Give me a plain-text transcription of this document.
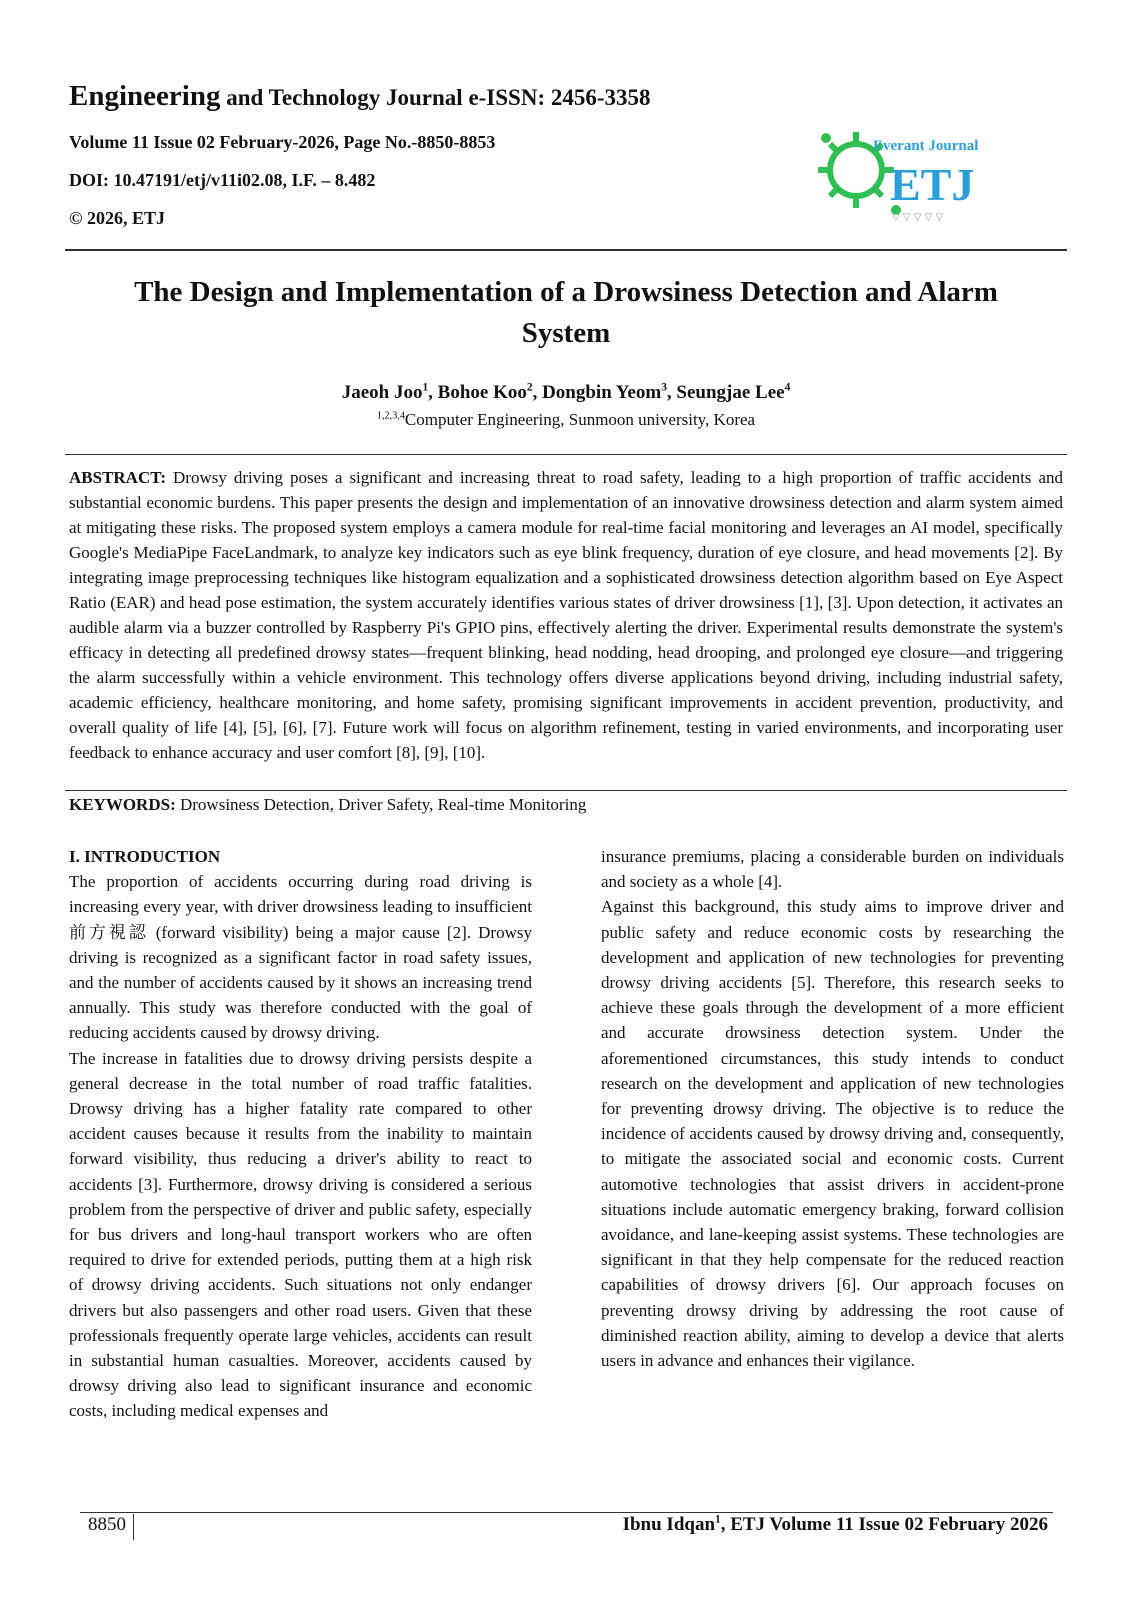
Engineering and Technology Journal e-ISSN: 2456-3358
Volume 11 Issue 02 February-2026, Page No.-8850-8853
DOI: 10.47191/etj/v11i02.08, I.F. – 8.482
© 2026, ETJ
Everant Journal
ETJ
▽ ▽ ▽ ▽ ▽
The Design and Implementation of a Drowsiness Detection and Alarm
System
Jaeoh Joo$^1$, Bohoe Koo$^2$, Dongbin Yeom$^3$, Seungjae Lee$^4$
$^{1,2,3,4}$Computer Engineering, Sunmoon university, Korea
ABSTRACT: Drowsy driving poses a significant and increasing threat to road safety, leading to a high proportion of traffic accidents and substantial economic burdens. This paper presents the design and implementation of an innovative drowsiness detection and alarm system aimed at mitigating these risks. The proposed system employs a camera module for real-time facial monitoring and leverages an AI model, specifically Google's MediaPipe FaceLandmark, to analyze key indicators such as eye blink frequency, duration of eye closure, and head movements [2]. By integrating image preprocessing techniques like histogram equalization and a sophisticated drowsiness detection algorithm based on Eye Aspect Ratio (EAR) and head pose estimation, the system accurately identifies various states of driver drowsiness [1], [3]. Upon detection, it activates an audible alarm via a buzzer controlled by Raspberry Pi's GPIO pins, effectively alerting the driver. Experimental results demonstrate the system's efficacy in detecting all predefined drowsy states—frequent blinking, head nodding, head drooping, and prolonged eye closure—and triggering the alarm successfully within a vehicle environment. This technology offers diverse applications beyond driving, including industrial safety, academic efficiency, healthcare monitoring, and home safety, promising significant improvements in accident prevention, productivity, and overall quality of life [4], [5], [6], [7]. Future work will focus on algorithm refinement, testing in varied environments, and incorporating user feedback to enhance accuracy and user comfort [8], [9], [10].
KEYWORDS: Drowsiness Detection, Driver Safety, Real-time Monitoring

I. INTRODUCTION

The proportion of accidents occurring during road driving is increasing every year, with driver drowsiness leading to insufficient 前方視認 (forward visibility) being a major cause [2]. Drowsy driving is recognized as a significant factor in road safety issues, and the number of accidents caused by it shows an increasing trend annually. This study was therefore conducted with the goal of reducing accidents caused by drowsy driving.

The increase in fatalities due to drowsy driving persists despite a general decrease in the total number of road traffic fatalities. Drowsy driving has a higher fatality rate compared to other accident causes because it results from the inability to maintain forward visibility, thus reducing a driver's ability to react to accidents [3]. Furthermore, drowsy driving is considered a serious problem from the perspective of driver and public safety, especially for bus drivers and long-haul transport workers who are often required to drive for extended periods, putting them at a high risk of drowsy driving accidents. Such situations not only endanger drivers but also passengers and other road users. Given that these professionals frequently operate large vehicles, accidents can result in substantial human casualties. Moreover, accidents caused by drowsy driving also lead to significant insurance and economic costs, including medical expenses and

insurance premiums, placing a considerable burden on individuals and society as a whole [4].

Against this background, this study aims to improve driver and public safety and reduce economic costs by researching the development and application of new technologies for preventing drowsy driving accidents [5]. Therefore, this research seeks to achieve these goals through the development of a more efficient and accurate drowsiness detection system. Under the aforementioned circumstances, this study intends to conduct research on the development and application of new technologies for preventing drowsy driving. The objective is to reduce the incidence of accidents caused by drowsy driving and, consequently, to mitigate the associated social and economic costs. Current automotive technologies that assist drivers in accident-prone situations include automatic emergency braking, forward collision avoidance, and lane-keeping assist systems. These technologies are significant in that they help compensate for the reduced reaction capabilities of drowsy drivers [6]. Our approach focuses on preventing drowsy driving by addressing the root cause of diminished reaction ability, aiming to develop a device that alerts users in advance and enhances their vigilance.

8850	Ibnu Idqan$^1$, ETJ Volume 11 Issue 02 February 2026
